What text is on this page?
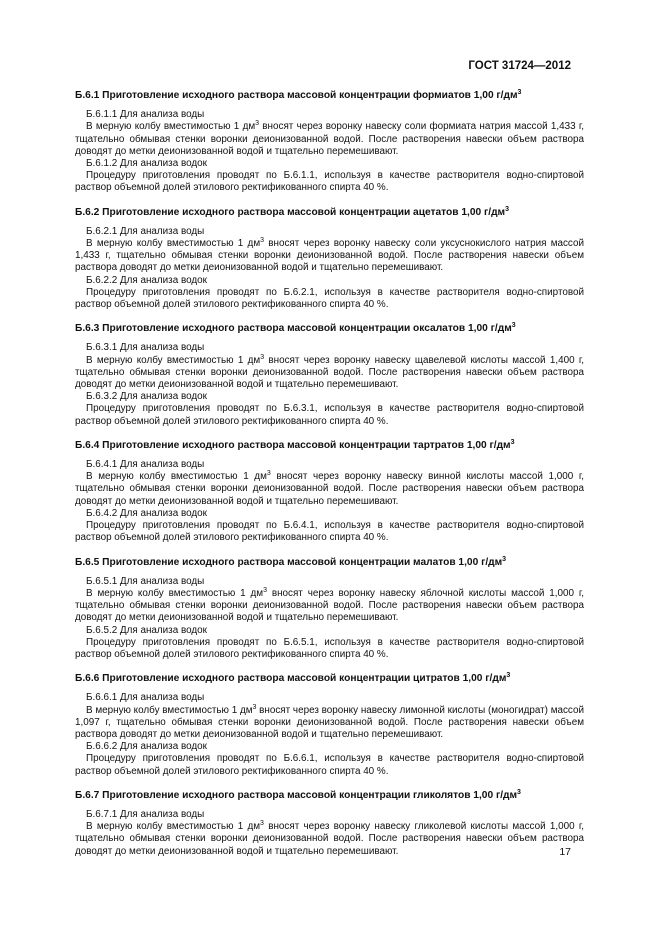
ГОСТ 31724—2012
Б.6.1 Приготовление исходного раствора массовой концентрации формиатов 1,00 $г/дм^3$
Б.6.1.1 Для анализа воды
В мерную колбу вместимостью 1 $дм^3$ вносят через воронку навеску соли формиата натрия массой 1,433 г, тщательно обмывая стенки воронки деионизованной водой. После растворения навески объем раствора доводят до метки деионизованной водой и тщательно перемешивают.
Б.6.1.2 Для анализа водок
Процедуру приготовления проводят по Б.6.1.1, используя в качестве растворителя водно-спиртовой раствор объемной долей этилового ректификованного спирта 40 %.
Б.6.2 Приготовление исходного раствора массовой концентрации ацетатов 1,00 $г/дм^3$
Б.6.2.1 Для анализа воды
В мерную колбу вместимостью 1 $дм^3$ вносят через воронку навеску соли уксуснокислого натрия массой 1,433 г, тщательно обмывая стенки воронки деионизованной водой. После растворения навески объем раствора доводят до метки деионизованной водой и тщательно перемешивают.
Б.6.2.2 Для анализа водок
Процедуру приготовления проводят по Б.6.2.1, используя в качестве растворителя водно-спиртовой раствор объемной долей этилового ректификованного спирта 40 %.
Б.6.3 Приготовление исходного раствора массовой концентрации оксалатов 1,00 $г/дм^3$
Б.6.3.1 Для анализа воды
В мерную колбу вместимостью 1 $дм^3$ вносят через воронку навеску щавелевой кислоты массой 1,400 г, тщательно обмывая стенки воронки деионизованной водой. После растворения навески объем раствора доводят до метки деионизованной водой и тщательно перемешивают.
Б.6.3.2 Для анализа водок
Процедуру приготовления проводят по Б.6.3.1, используя в качестве растворителя водно-спиртовой раствор объемной долей этилового ректификованного спирта 40 %.
Б.6.4 Приготовление исходного раствора массовой концентрации тартратов 1,00 $г/дм^3$
Б.6.4.1 Для анализа воды
В мерную колбу вместимостью 1 $дм^3$ вносят через воронку навеску винной кислоты массой 1,000 г, тщательно обмывая стенки воронки деионизованной водой. После растворения навески объем раствора доводят до метки деионизованной водой и тщательно перемешивают.
Б.6.4.2 Для анализа водок
Процедуру приготовления проводят по Б.6.4.1, используя в качестве растворителя водно-спиртовой раствор объемной долей этилового ректификованного спирта 40 %.
Б.6.5 Приготовление исходного раствора массовой концентрации малатов 1,00 $г/дм^3$
Б.6.5.1 Для анализа воды
В мерную колбу вместимостью 1 $дм^3$ вносят через воронку навеску яблочной кислоты массой 1,000 г, тщательно обмывая стенки воронки деионизованной водой. После растворения навески объем раствора доводят до метки деионизованной водой и тщательно перемешивают.
Б.6.5.2 Для анализа водок
Процедуру приготовления проводят по Б.6.5.1, используя в качестве растворителя водно-спиртовой раствор объемной долей этилового ректификованного спирта 40 %.
Б.6.6 Приготовление исходного раствора массовой концентрации цитратов 1,00 $г/дм^3$
Б.6.6.1 Для анализа воды
В мерную колбу вместимостью 1 $дм^3$ вносят через воронку навеску лимонной кислоты (моногидрат) массой 1,097 г, тщательно обмывая стенки воронки деионизованной водой. После растворения навески объем раствора доводят до метки деионизованной водой и тщательно перемешивают.
Б.6.6.2 Для анализа водок
Процедуру приготовления проводят по Б.6.6.1, используя в качестве растворителя водно-спиртовой раствор объемной долей этилового ректификованного спирта 40 %.
Б.6.7 Приготовление исходного раствора массовой концентрации гликолятов 1,00 $г/дм^3$
Б.6.7.1 Для анализа воды
В мерную колбу вместимостью 1 $дм^3$ вносят через воронку навеску гликолевой кислоты массой 1,000 г, тщательно обмывая стенки воронки деионизованной водой. После растворения навески объем раствора доводят до метки деионизованной водой и тщательно перемешивают.	17
